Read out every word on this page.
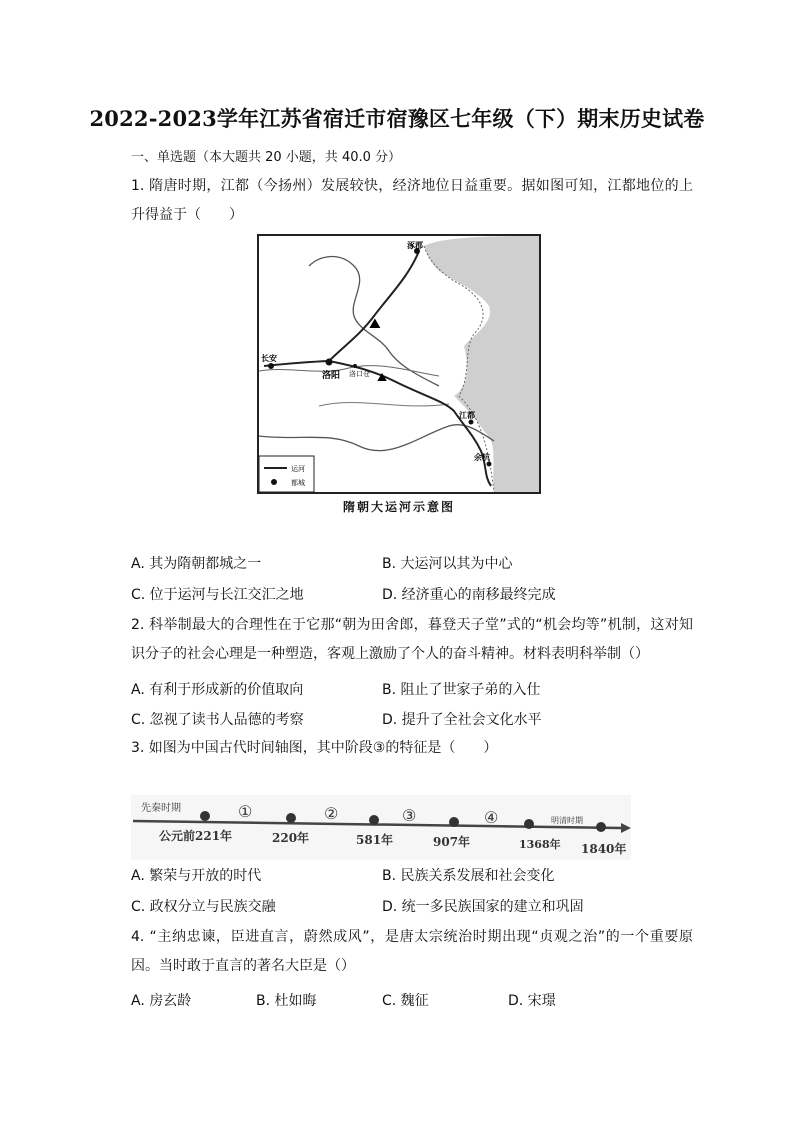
2022-2023学年江苏省宿迁市宿豫区七年级（下）期末历史试卷
一、单选题（本大题共 20 小题，共 40.0 分）
1. 隋唐时期，江都（今扬州）发展较快，经济地位日益重要。据如图可知，江都地位的上升得益于（　　）
⛰
⛰
涿郡
长安
洛阳 洛口仓
江都
余杭
运河
都城
隋朝大运河示意图
A. 其为隋朝都城之一	B. 大运河以其为中心
C. 位于运河与长江交汇之地	D. 经济重心的南移最终完成
2. 科举制最大的合理性在于它那“朝为田舍郎，暮登天子堂”式的“机会均等”机制，这对知识分子的社会心理是一种塑造，客观上激励了个人的奋斗精神。材料表明科举制（）
A. 有利于形成新的价值取向	B. 阻止了世家子弟的入仕
C. 忽视了读书人品德的考察	D. 提升了全社会文化水平
3. 如图为中国古代时间轴图，其中阶段③的特征是（　　）
先秦时期
明清时期
①	②	③	④
公元前221年	220年	581年	907年	1368年 1840年
A. 繁荣与开放的时代	B. 民族关系发展和社会变化
C. 政权分立与民族交融	D. 统一多民族国家的建立和巩固
4. “主纳忠谏，臣进直言，蔚然成风”，是唐太宗统治时期出现“贞观之治”的一个重要原因。当时敢于直言的著名大臣是（）
A. 房玄龄	B. 杜如晦	C. 魏征	D. 宋璟
